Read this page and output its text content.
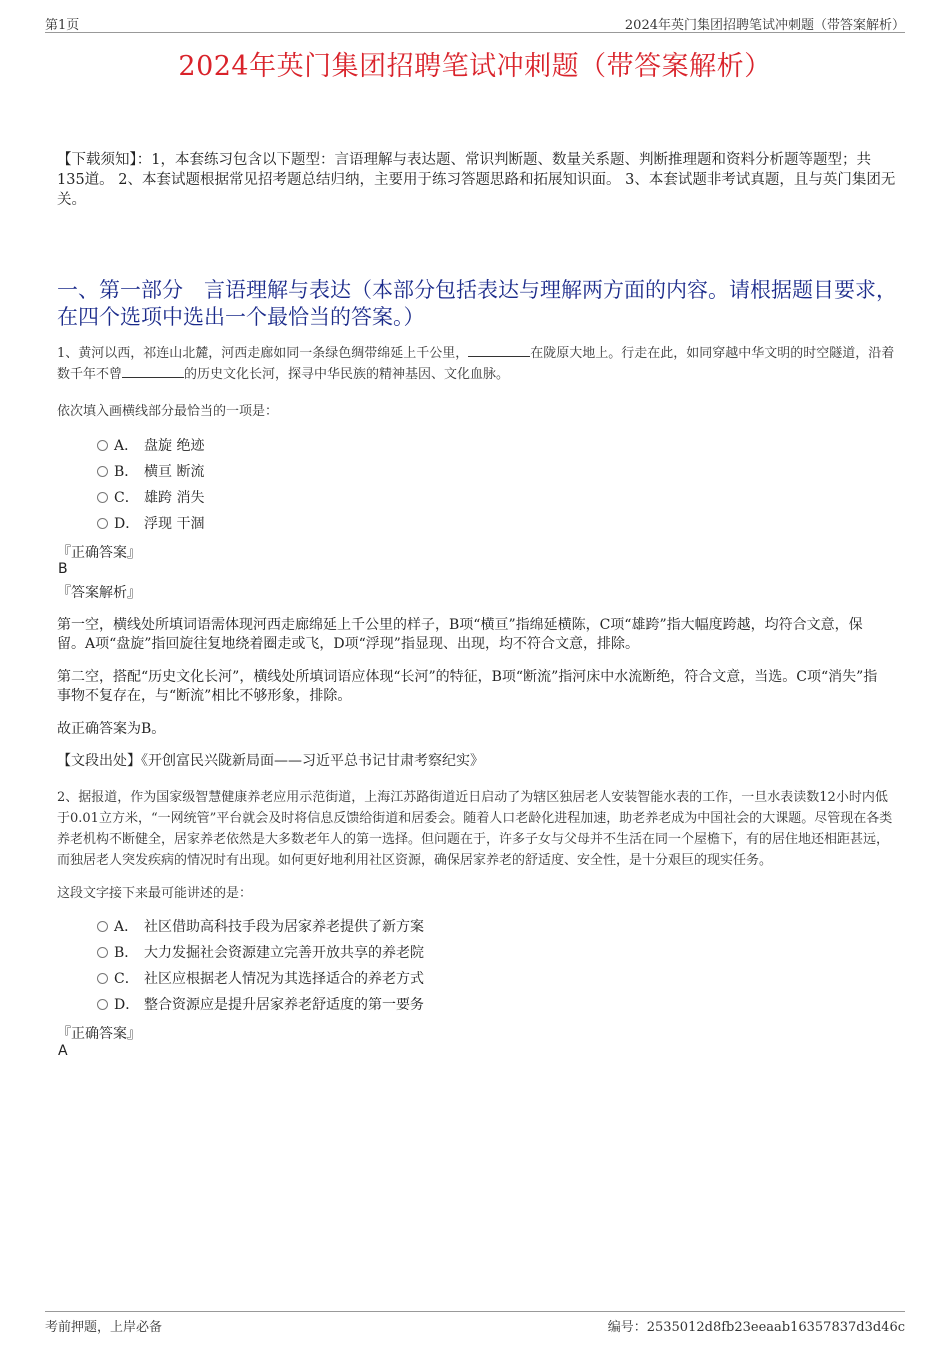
第1页	2024年英门集团招聘笔试冲刺题（带答案解析）
2024年英门集团招聘笔试冲刺题（带答案解析）
【下载须知】：1，本套练习包含以下题型：言语理解与表达题、常识判断题、数量关系题、判断推理题和资料分析题等题型；共135道。 2、本套试题根据常见招考题总结归纳，主要用于练习答题思路和拓展知识面。 3、本套试题非考试真题，且与英门集团无关。
一、第一部分　言语理解与表达（本部分包括表达与理解两方面的内容。请根据题目要求，在四个选项中选出一个最恰当的答案。）
1、黄河以西，祁连山北麓，河西走廊如同一条绿色绸带绵延上千公里，	在陇原大地上。行走在此，如同穿越中华文明的时空隧道，沿着数千年不曾	的历史文化长河，探寻中华民族的精神基因、文化血脉。
依次填入画横线部分最恰当的一项是：
A． 盘旋 绝迹
B． 横亘 断流
C． 雄跨 消失
D． 浮现 干涸
『正确答案』
B
『答案解析』
第一空，横线处所填词语需体现河西走廊绵延上千公里的样子，B项“横亘”指绵延横陈，C项“雄跨”指大幅度跨越，均符合文意，保留。A项“盘旋”指回旋往复地绕着圈走或飞，D项“浮现”指显现、出现，均不符合文意，排除。
第二空，搭配“历史文化长河”，横线处所填词语应体现“长河”的特征，B项“断流”指河床中水流断绝，符合文意，当选。C项“消失”指事物不复存在，与“断流”相比不够形象，排除。
故正确答案为B。
【文段出处】《开创富民兴陇新局面——习近平总书记甘肃考察纪实》
2、据报道，作为国家级智慧健康养老应用示范街道，上海江苏路街道近日启动了为辖区独居老人安装智能水表的工作，一旦水表读数12小时内低于0.01立方米，“一网统管”平台就会及时将信息反馈给街道和居委会。随着人口老龄化进程加速，助老养老成为中国社会的大课题。尽管现在各类养老机构不断健全，居家养老依然是大多数老年人的第一选择。但问题在于，许多子女与父母并不生活在同一个屋檐下，有的居住地还相距甚远，而独居老人突发疾病的情况时有出现。如何更好地利用社区资源，确保居家养老的舒适度、安全性，是十分艰巨的现实任务。
这段文字接下来最可能讲述的是：
A． 社区借助高科技手段为居家养老提供了新方案
B． 大力发掘社会资源建立完善开放共享的养老院
C． 社区应根据老人情况为其选择适合的养老方式
D． 整合资源应是提升居家养老舒适度的第一要务
『正确答案』
A
考前押题，上岸必备	编号：2535012d8fb23eeaab16357837d3d46c
